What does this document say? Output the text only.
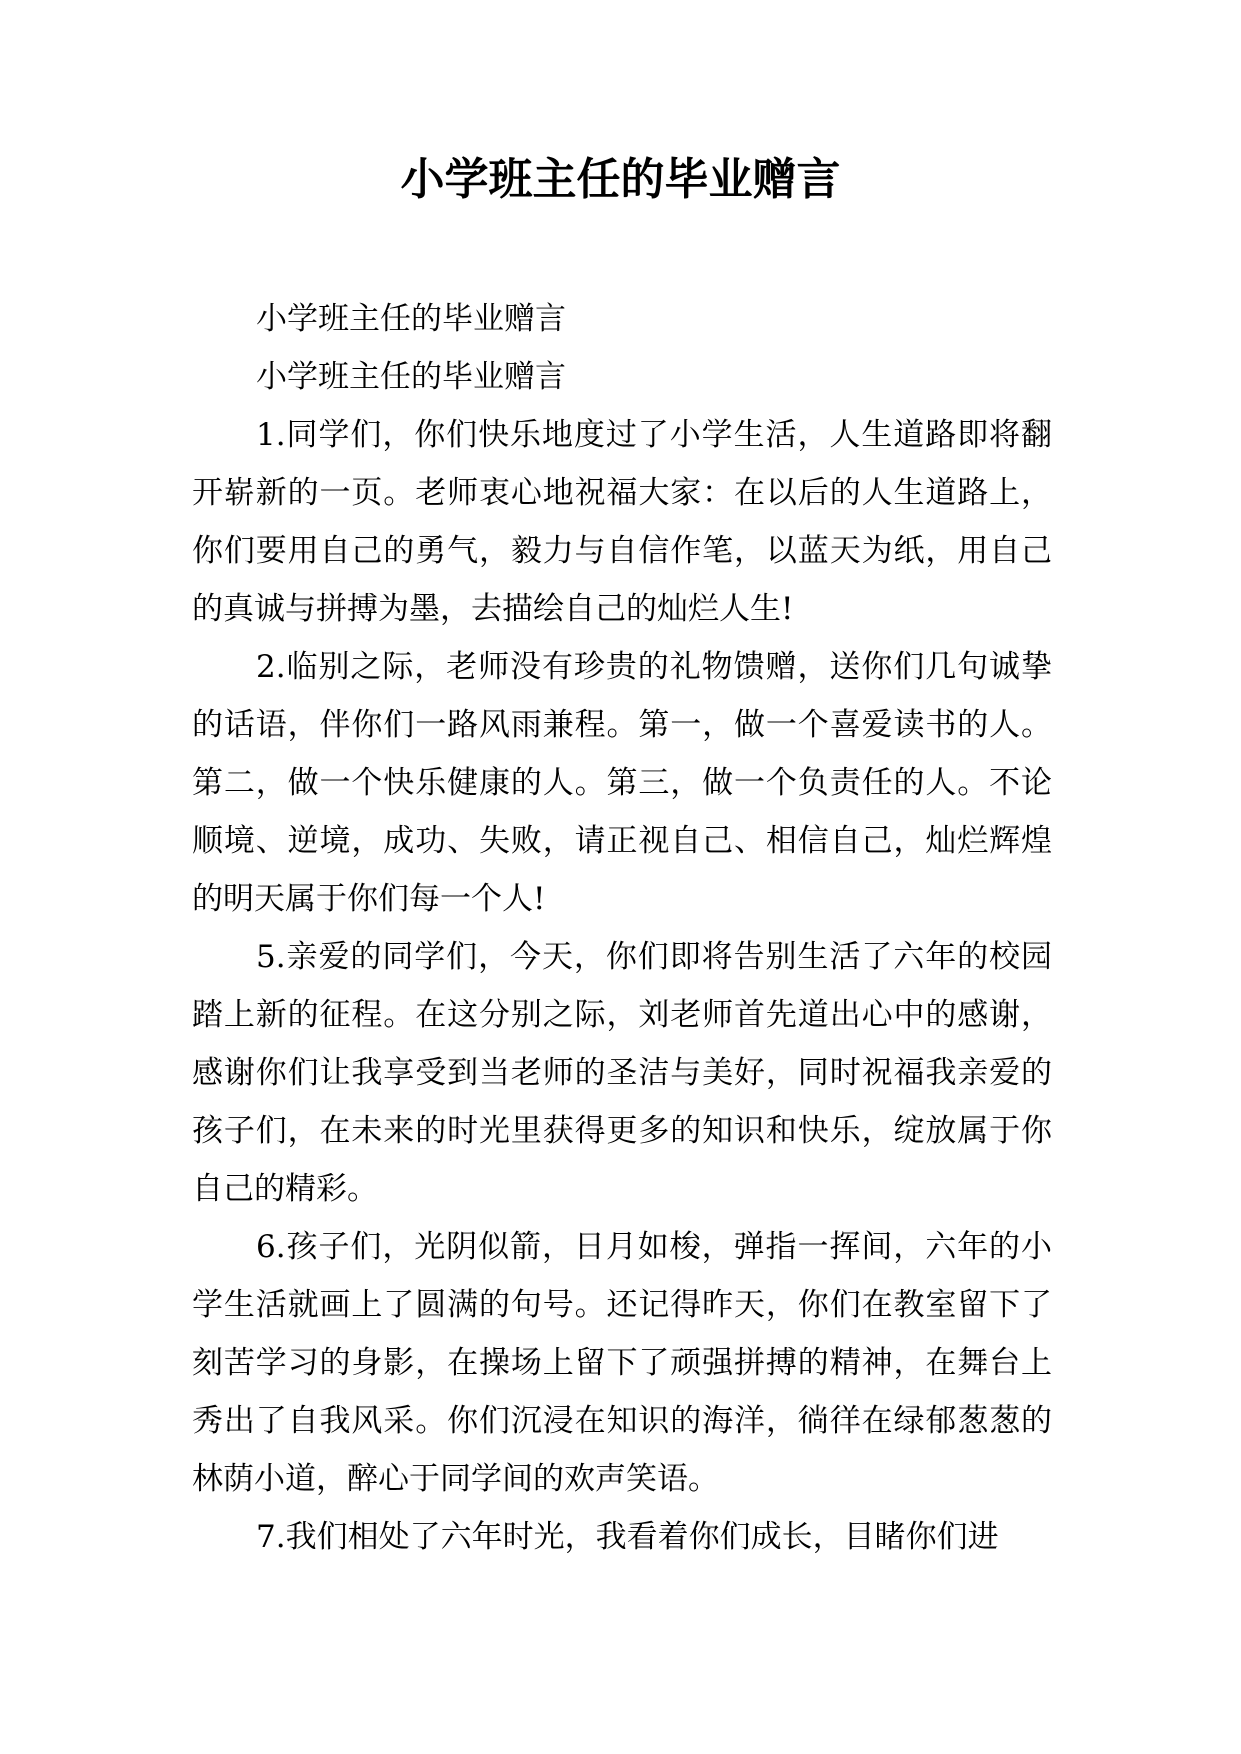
小学班主任的毕业赠言

小学班主任的毕业赠言

小学班主任的毕业赠言

1.同学们，你们快乐地度过了小学生活，人生道路即将翻开崭新的一页。老师衷心地祝福大家：在以后的人生道路上，你们要用自己的勇气，毅力与自信作笔，以蓝天为纸，用自己的真诚与拼搏为墨，去描绘自己的灿烂人生!

2.临别之际，老师没有珍贵的礼物馈赠，送你们几句诚挚的话语，伴你们一路风雨兼程。第一，做一个喜爱读书的人。第二，做一个快乐健康的人。第三，做一个负责任的人。不论顺境、逆境，成功、失败，请正视自己、相信自己，灿烂辉煌的明天属于你们每一个人!

5.亲爱的同学们，今天，你们即将告别生活了六年的校园踏上新的征程。在这分别之际，刘老师首先道出心中的感谢，感谢你们让我享受到当老师的圣洁与美好，同时祝福我亲爱的孩子们，在未来的时光里获得更多的知识和快乐，绽放属于你自己的精彩。

6.孩子们，光阴似箭，日月如梭，弹指一挥间，六年的小学生活就画上了圆满的句号。还记得昨天，你们在教室留下了刻苦学习的身影，在操场上留下了顽强拼搏的精神，在舞台上秀出了自我风采。你们沉浸在知识的海洋，徜徉在绿郁葱葱的林荫小道，醉心于同学间的欢声笑语。

7.我们相处了六年时光，我看着你们成长，目睹你们进
